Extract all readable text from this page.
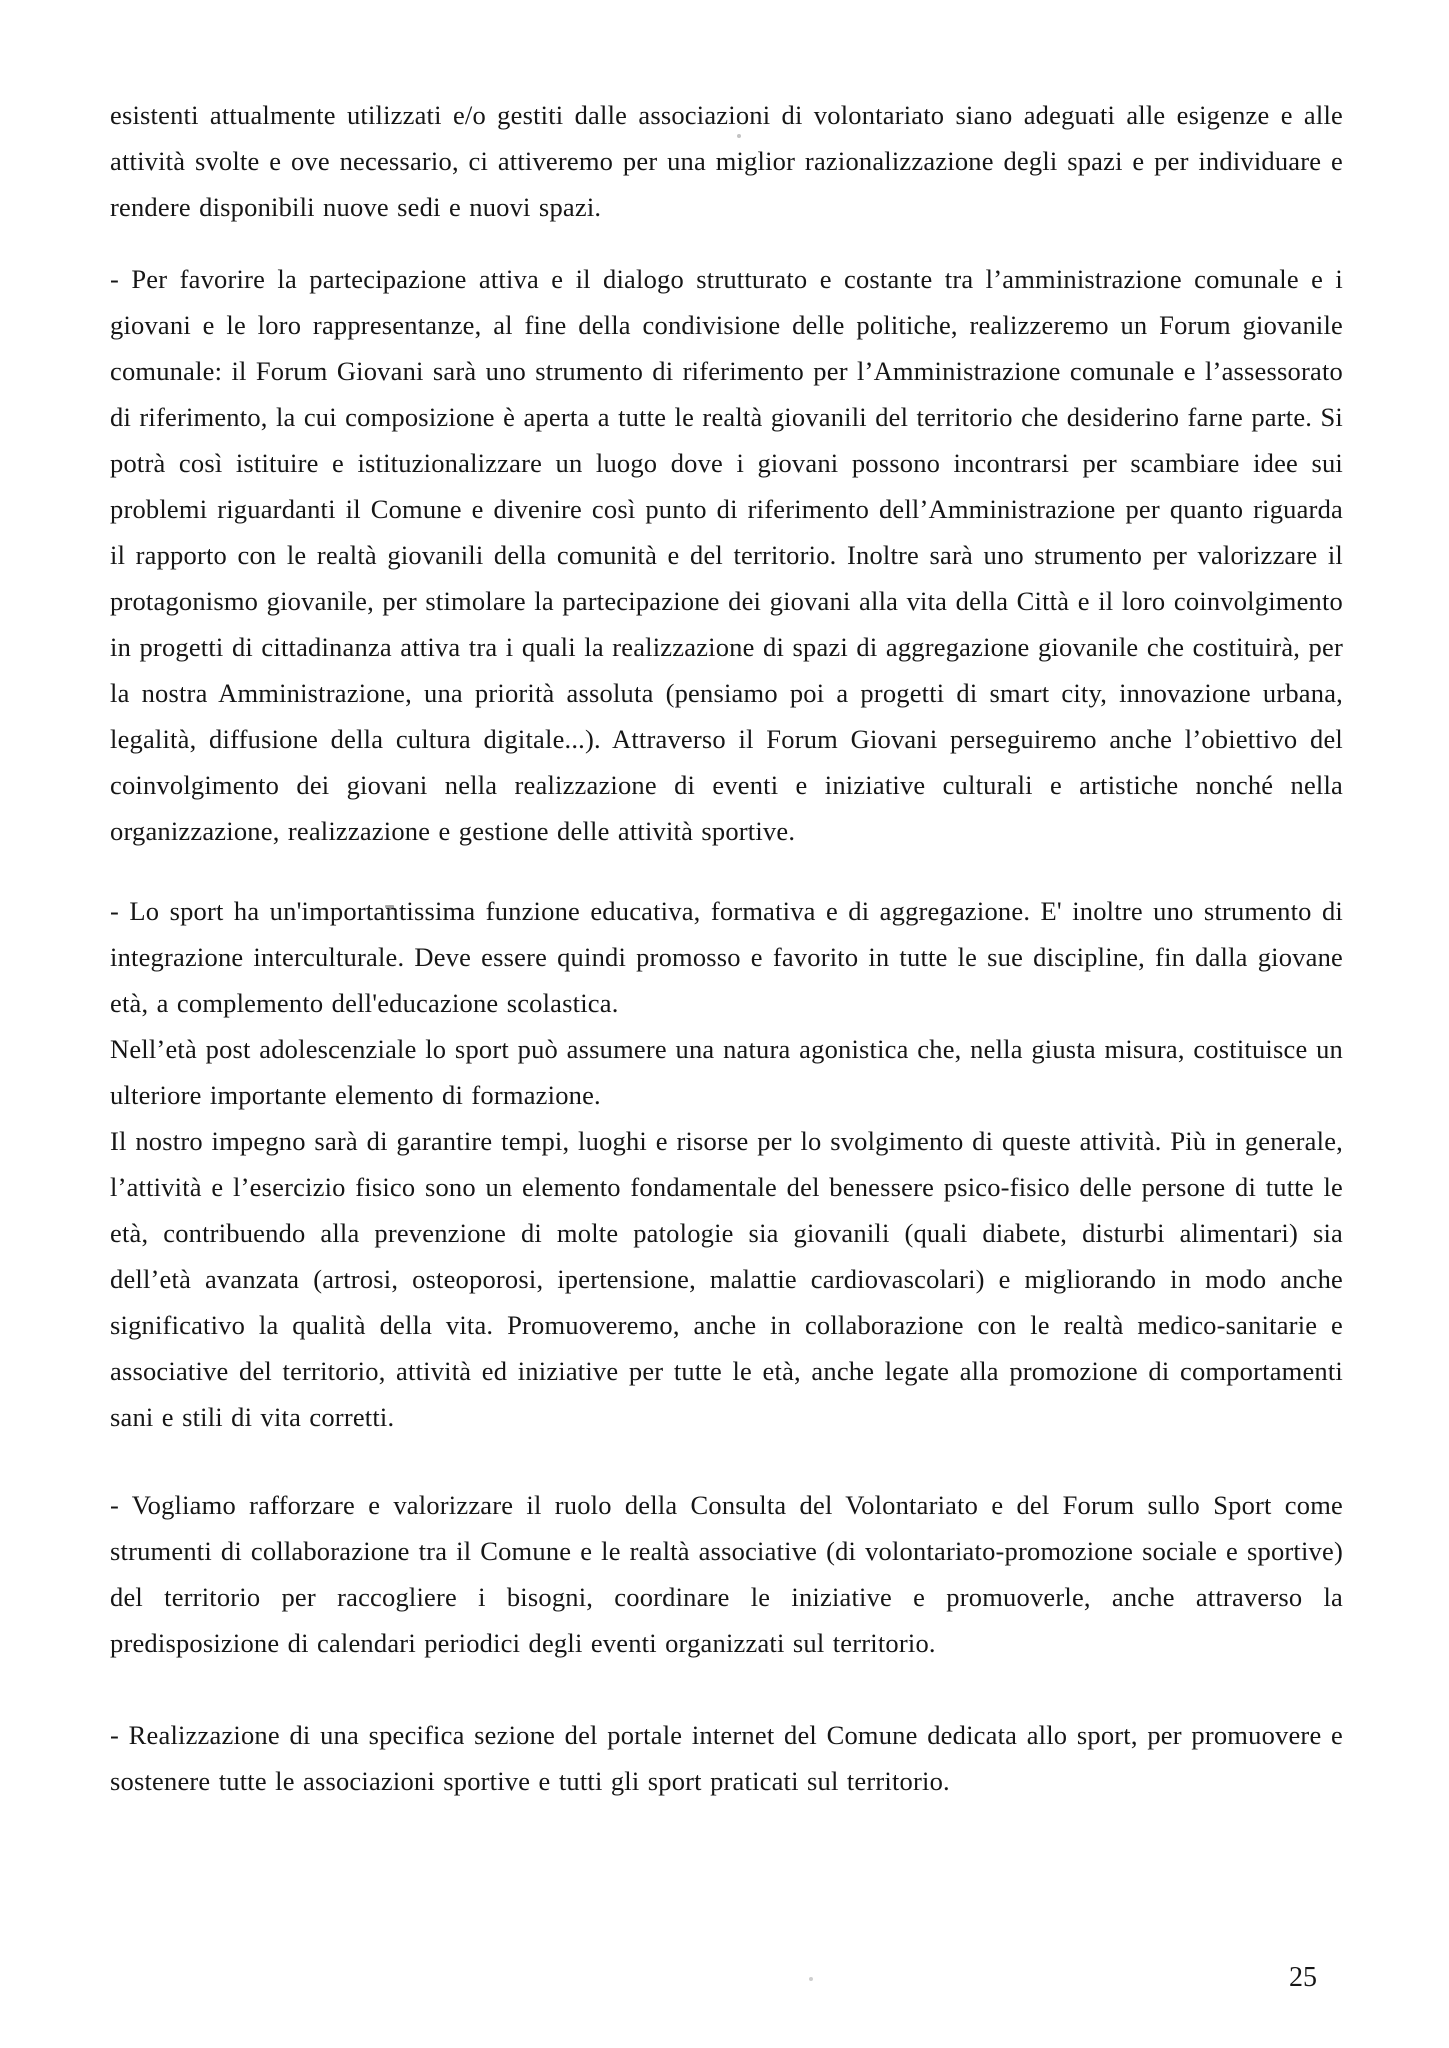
esistenti attualmente utilizzati e/o gestiti dalle associazioni di volontariato siano adeguati alle esigenze e alle attività svolte e ove necessario, ci attiveremo per una miglior razionalizzazione degli spazi e per individuare e rendere disponibili nuove sedi e nuovi spazi.

- Per favorire la partecipazione attiva e il dialogo strutturato e costante tra l’amministrazione comunale e i giovani e le loro rappresentanze, al fine della condivisione delle politiche, realizzeremo un Forum giovanile comunale: il Forum Giovani sarà uno strumento di riferimento per l’Amministrazione comunale e l’assessorato di riferimento, la cui composizione è aperta a tutte le realtà giovanili del territorio che desiderino farne parte. Si potrà così istituire e istituzionalizzare un luogo dove i giovani possono incontrarsi per scambiare idee sui problemi riguardanti il Comune e divenire così punto di riferimento dell’Amministrazione per quanto riguarda il rapporto con le realtà giovanili della comunità e del territorio. Inoltre sarà uno strumento per valorizzare il protagonismo giovanile, per stimolare la partecipazione dei giovani alla vita della Città e il loro coinvolgimento in progetti di cittadinanza attiva tra i quali la realizzazione di spazi di aggregazione giovanile che costituirà, per la nostra Amministrazione, una priorità assoluta (pensiamo poi a progetti di smart city, innovazione urbana, legalità, diffusione della cultura digitale...). Attraverso il Forum Giovani perseguiremo anche l’obiettivo del coinvolgimento dei giovani nella realizzazione di eventi e iniziative culturali e artistiche nonché nella organizzazione, realizzazione e gestione delle attività sportive.

- Lo sport ha un'importantissima funzione educativa, formativa e di aggregazione. E' inoltre uno strumento di integrazione interculturale. Deve essere quindi promosso e favorito in tutte le sue discipline, fin dalla giovane età, a complemento dell'educazione scolastica.

Nell’età post adolescenziale lo sport può assumere una natura agonistica che, nella giusta misura, costituisce un ulteriore importante elemento di formazione.

Il nostro impegno sarà di garantire tempi, luoghi e risorse per lo svolgimento di queste attività. Più in generale, l’attività e l’esercizio fisico sono un elemento fondamentale del benessere psico-fisico delle persone di tutte le età, contribuendo alla prevenzione di molte patologie sia giovanili (quali diabete, disturbi alimentari) sia dell’età avanzata (artrosi, osteoporosi, ipertensione, malattie cardiovascolari) e migliorando in modo anche significativo la qualità della vita. Promuoveremo, anche in collaborazione con le realtà medico-sanitarie e associative del territorio, attività ed iniziative per tutte le età, anche legate alla promozione di comportamenti sani e stili di vita corretti.

- Vogliamo rafforzare e valorizzare il ruolo della Consulta del Volontariato e del Forum sullo Sport come strumenti di collaborazione tra il Comune e le realtà associative (di volontariato-promozione sociale e sportive) del territorio per raccogliere i bisogni, coordinare le iniziative e promuoverle, anche attraverso la predisposizione di calendari periodici degli eventi organizzati sul territorio.

- Realizzazione di una specifica sezione del portale internet del Comune dedicata allo sport, per promuovere e sostenere tutte le associazioni sportive e tutti gli sport praticati sul territorio.

25
